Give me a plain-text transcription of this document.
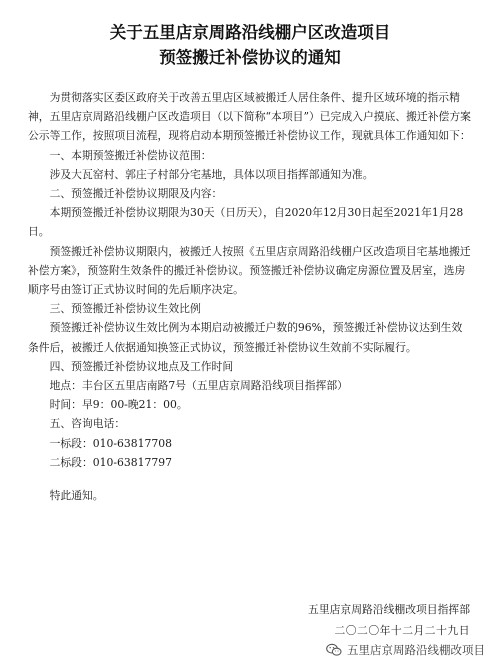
关于五里店京周路沿线棚户区改造项目
预签搬迁补偿协议的通知

为贯彻落实区委区政府关于改善五里店区域被搬迁人居住条件、提升区域环境的指示精神，五里店京周路沿线棚户区改造项目（以下简称“本项目”）已完成入户摸底、搬迁补偿方案公示等工作，按照项目流程，现将启动本期预签搬迁补偿协议工作，现就具体工作通知如下：

一、本期预签搬迁补偿协议范围：

涉及大瓦窑村、郭庄子村部分宅基地，具体以项目指挥部通知为准。

二、预签搬迁补偿协议期限及内容：

本期预签搬迁补偿协议期限为30天（日历天），自2020年12月30日起至2021年1月28日。

预签搬迁补偿协议期限内，被搬迁人按照《五里店京周路沿线棚户区改造项目宅基地搬迁补偿方案》，预签附生效条件的搬迁补偿协议。预签搬迁补偿协议确定房源位置及居室，选房顺序号由签订正式协议时间的先后顺序决定。

三、预签搬迁补偿协议生效比例

预签搬迁补偿协议生效比例为本期启动被搬迁户数的96%，预签搬迁补偿协议达到生效条件后，被搬迁人依据通知换签正式协议，预签搬迁补偿协议生效前不实际履行。

四、预签搬迁补偿协议地点及工作时间

地点：丰台区五里店南路7号（五里店京周路沿线项目指挥部）

时间：早9：00-晚21：00。

五、咨询电话：

一标段：010-63817708

二标段：010-63817797

特此通知。

五里店京周路沿线棚改项目指挥部
二〇二〇年十二月二十九日
五里店京周路沿线棚改项目
